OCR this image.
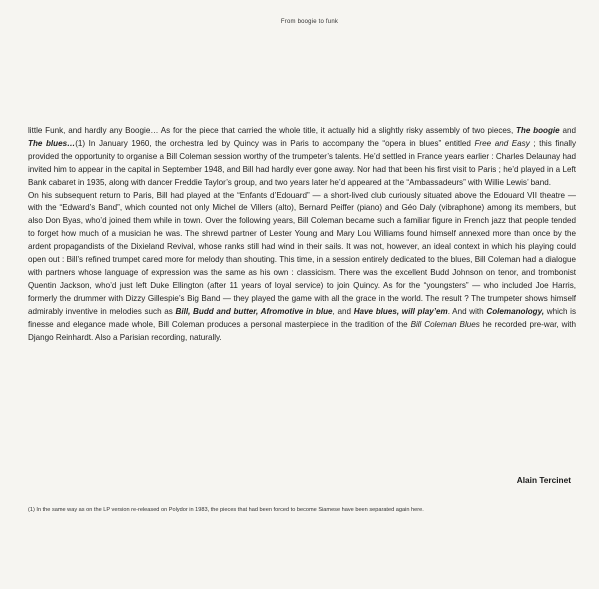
From boogie to funk

little Funk, and hardly any Boogie… As for the piece that carried the whole title, it actually hid a slightly risky assembly of two pieces, The boogie and The blues…(1) In January 1960, the orchestra led by Quincy was in Paris to accompany the “opera in blues” entitled Free and Easy ; this finally provided the opportunity to organise a Bill Coleman session worthy of the trumpeter’s talents. He’d settled in France years earlier : Charles Delaunay had invited him to appear in the capital in September 1948, and Bill had hardly ever gone away. Nor had that been his first visit to Paris ; he’d played in a Left Bank cabaret in 1935, along with dancer Freddie Taylor’s group, and two years later he’d appeared at the “Ambassadeurs” with Willie Lewis’ band.

On his subsequent return to Paris, Bill had played at the “Enfants d’Edouard” — a short-lived club curiously situated above the Edouard VII theatre — with the “Edward’s Band”, which counted not only Michel de Villers (alto), Bernard Peiffer (piano) and Géo Daly (vibraphone) among its members, but also Don Byas, who’d joined them while in town. Over the following years, Bill Coleman became such a familiar figure in French jazz that people tended to forget how much of a musician he was. The shrewd partner of Lester Young and Mary Lou Williams found himself annexed more than once by the ardent propagandists of the Dixieland Revival, whose ranks still had wind in their sails. It was not, however, an ideal context in which his playing could open out : Bill’s refined trumpet cared more for melody than shouting. This time, in a session entirely dedicated to the blues, Bill Coleman had a dialogue with partners whose language of expression was the same as his own : classicism. There was the excellent Budd Johnson on tenor, and trombonist Quentin Jackson, who’d just left Duke Ellington (after 11 years of loyal service) to join Quincy. As for the “youngsters” — who included Joe Harris, formerly the drummer with Dizzy Gillespie’s Big Band — they played the game with all the grace in the world. The result ? The trumpeter shows himself admirably inventive in melodies such as Bill, Budd and butter, Afromotive in blue, and Have blues, will play’em. And with Colemanology, which is finesse and elegance made whole, Bill Coleman produces a personal masterpiece in the tradition of the Bill Coleman Blues he recorded pre-war, with Django Reinhardt. Also a Parisian recording, naturally.

Alain Tercinet
(1) In the same way as on the LP version re-released on Polydor in 1983, the pieces that had been forced to become Siamese have been separated again here.
